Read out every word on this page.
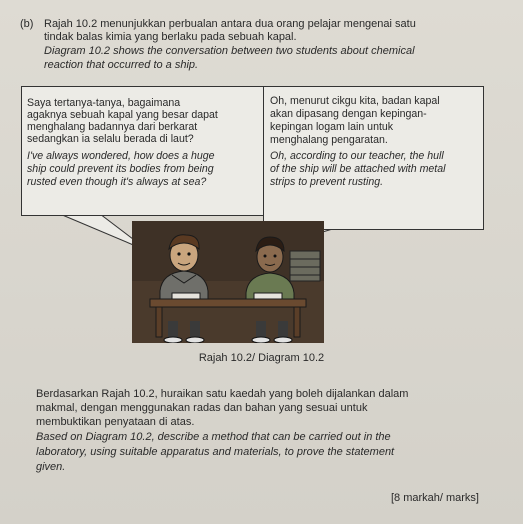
(b) Rajah 10.2 menunjukkan perbualan antara dua orang pelajar mengenai satu
tindak balas kimia yang berlaku pada sebuah kapal.
Diagram 10.2 shows the conversation between two students about chemical
reaction that occurred to a ship.
Saya tertanya-tanya, bagaimana
agaknya sebuah kapal yang besar dapat
menghalang badannya dari berkarat
sedangkan ia selalu berada di laut?
I've always wondered, how does a huge
ship could prevent its bodies from being
rusted even though it's always at sea?
Oh, menurut cikgu kita, badan kapal
akan dipasang dengan kepingan-
kepingan logam lain untuk
menghalang pengaratan.
Oh, according to our teacher, the hull
of the ship will be attached with metal
strips to prevent rusting.
Rajah 10.2/ Diagram 10.2
Berdasarkan Rajah 10.2, huraikan satu kaedah yang boleh dijalankan dalam
makmal, dengan menggunakan radas dan bahan yang sesuai untuk
membuktikan penyataan di atas.
Based on Diagram 10.2, describe a method that can be carried out in the
laboratory, using suitable apparatus and materials, to prove the statement
given.
[8 markah/ marks]
